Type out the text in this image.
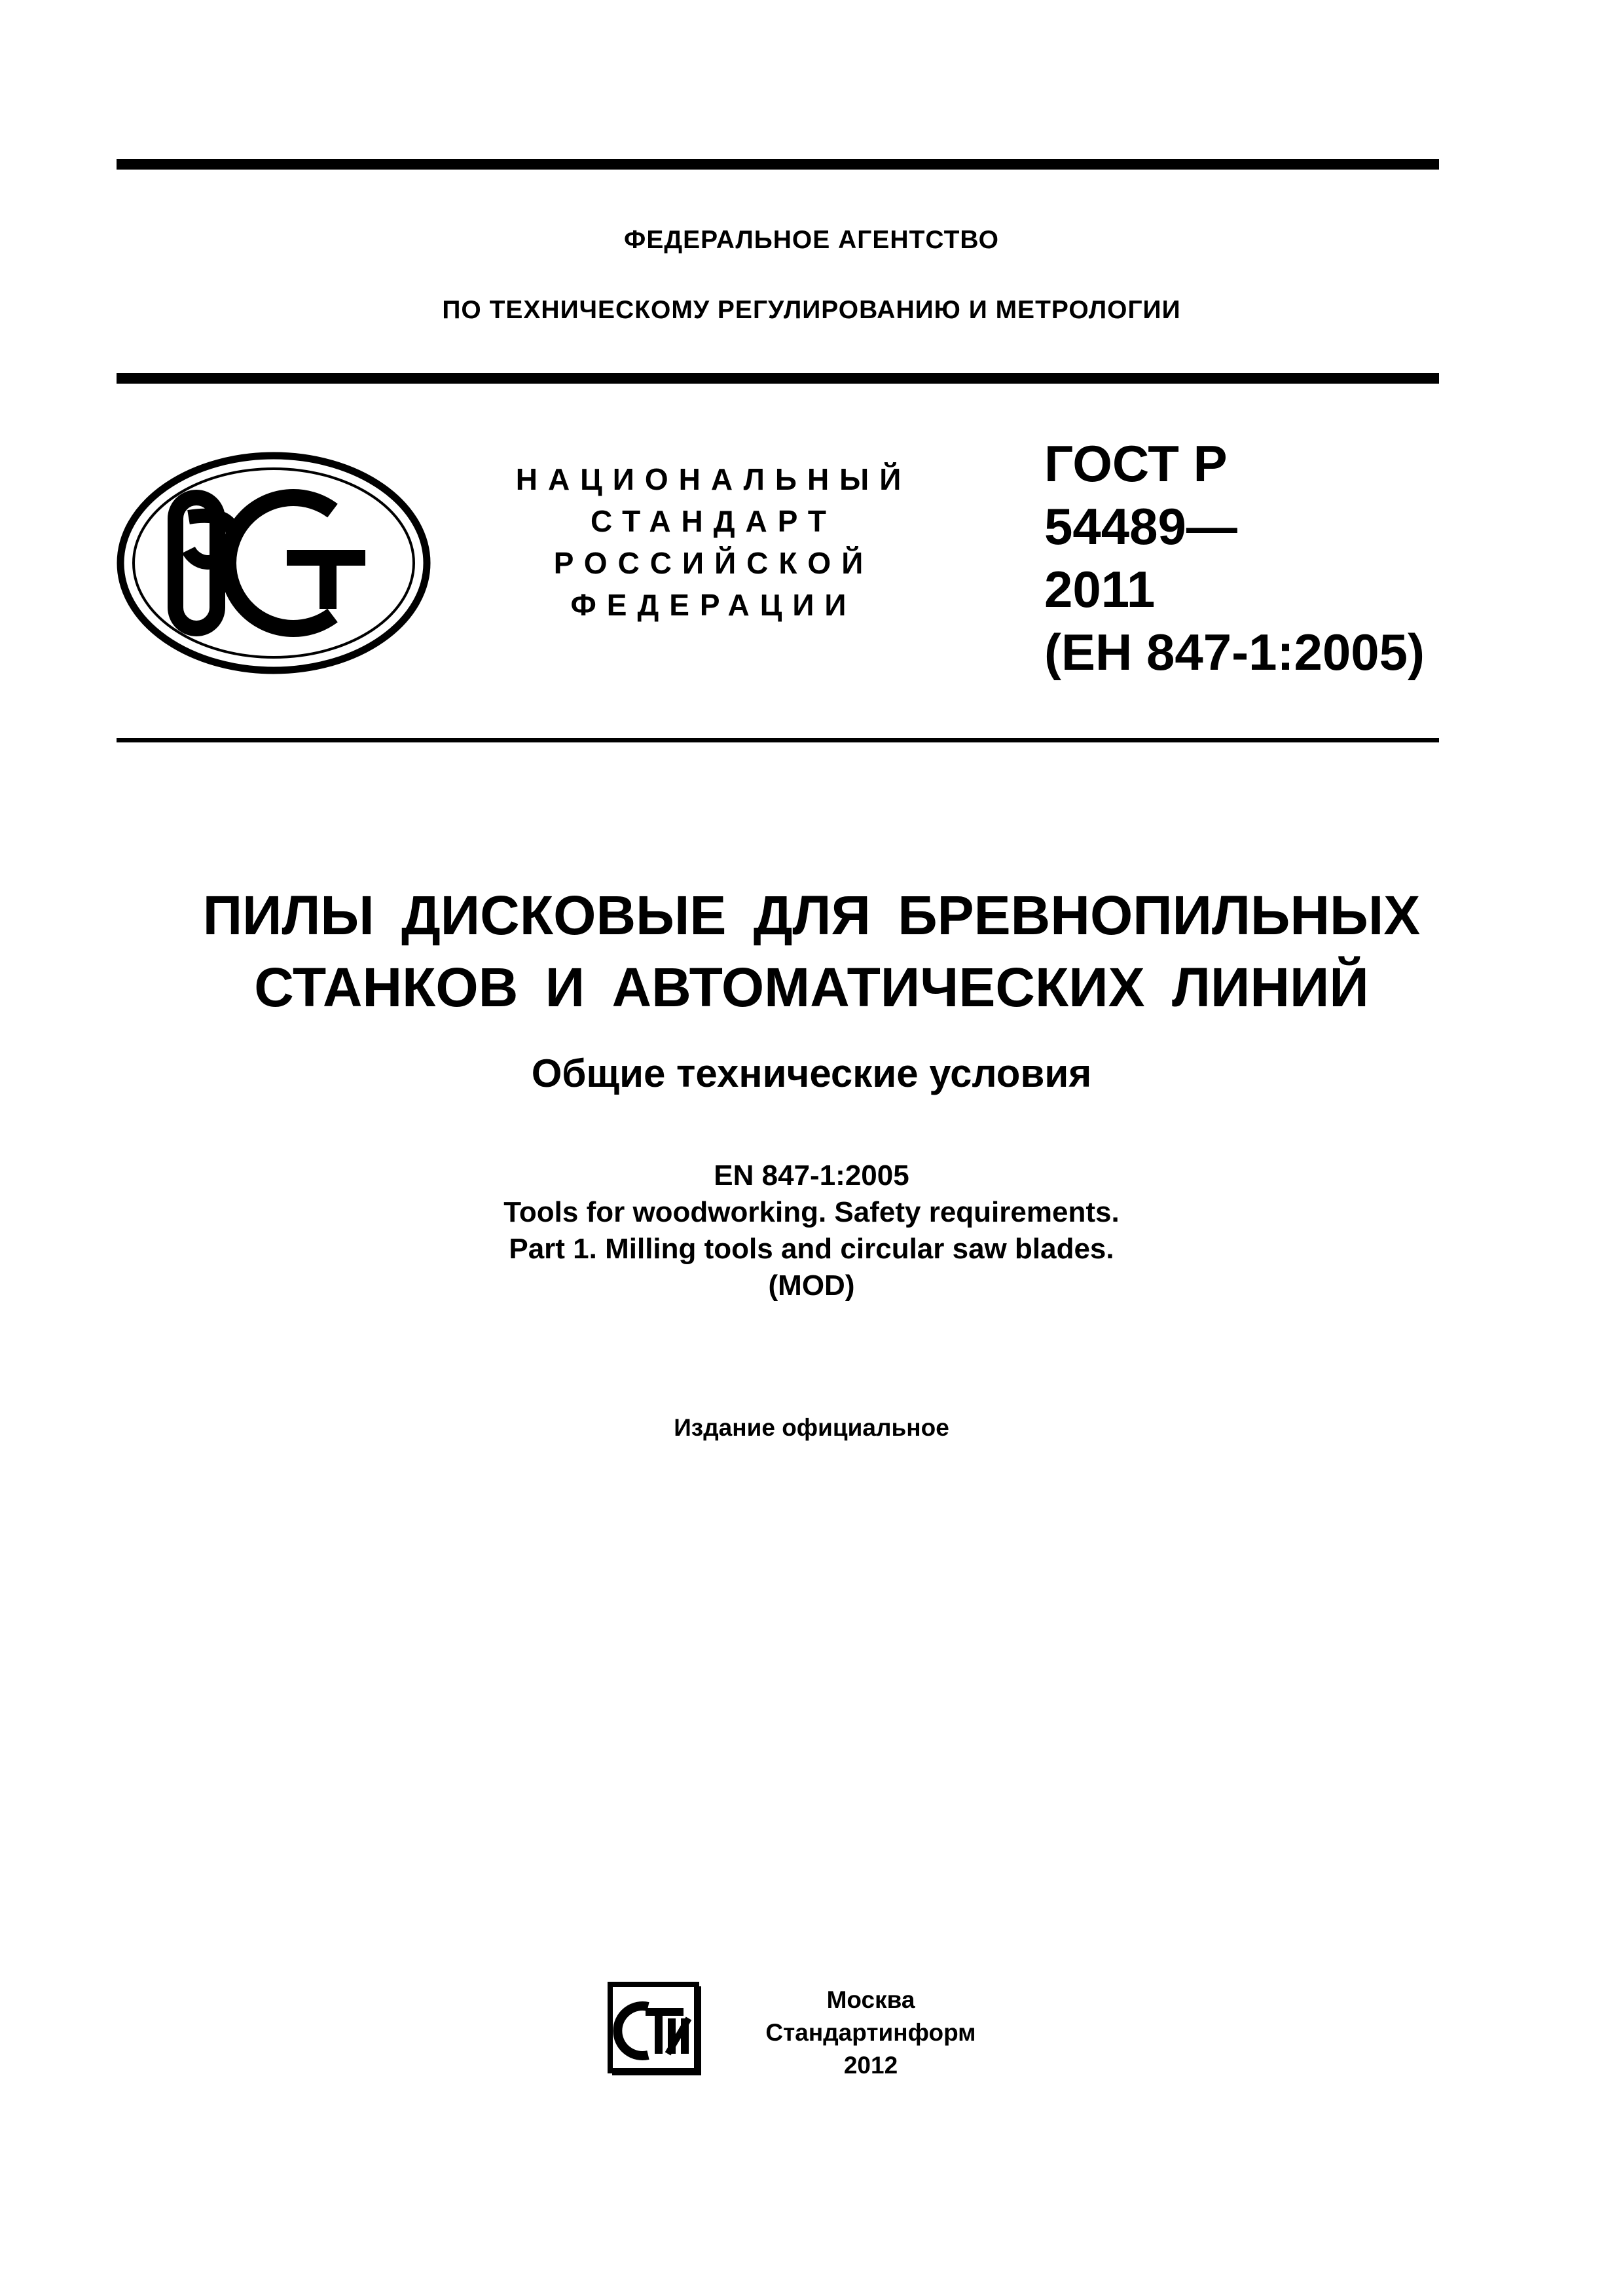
ФЕДЕРАЛЬНОЕ АГЕНТСТВО
ПО ТЕХНИЧЕСКОМУ РЕГУЛИРОВАНИЮ И МЕТРОЛОГИИ
НАЦИОНАЛЬНЫЙ
СТАНДАРТ
РОССИЙСКОЙ
ФЕДЕРАЦИИ
ГОСТ Р
54489—
2011
(ЕН 847-1:2005)
ПИЛЫ ДИСКОВЫЕ ДЛЯ БРЕВНОПИЛЬНЫХ
СТАНКОВ И АВТОМАТИЧЕСКИХ ЛИНИЙ
Общие технические условия
EN 847-1:2005
Tools for woodworking. Safety requirements.
Part 1. Milling tools and circular saw blades.
(MOD)
Издание официальное
Москва
Стандартинформ
2012
